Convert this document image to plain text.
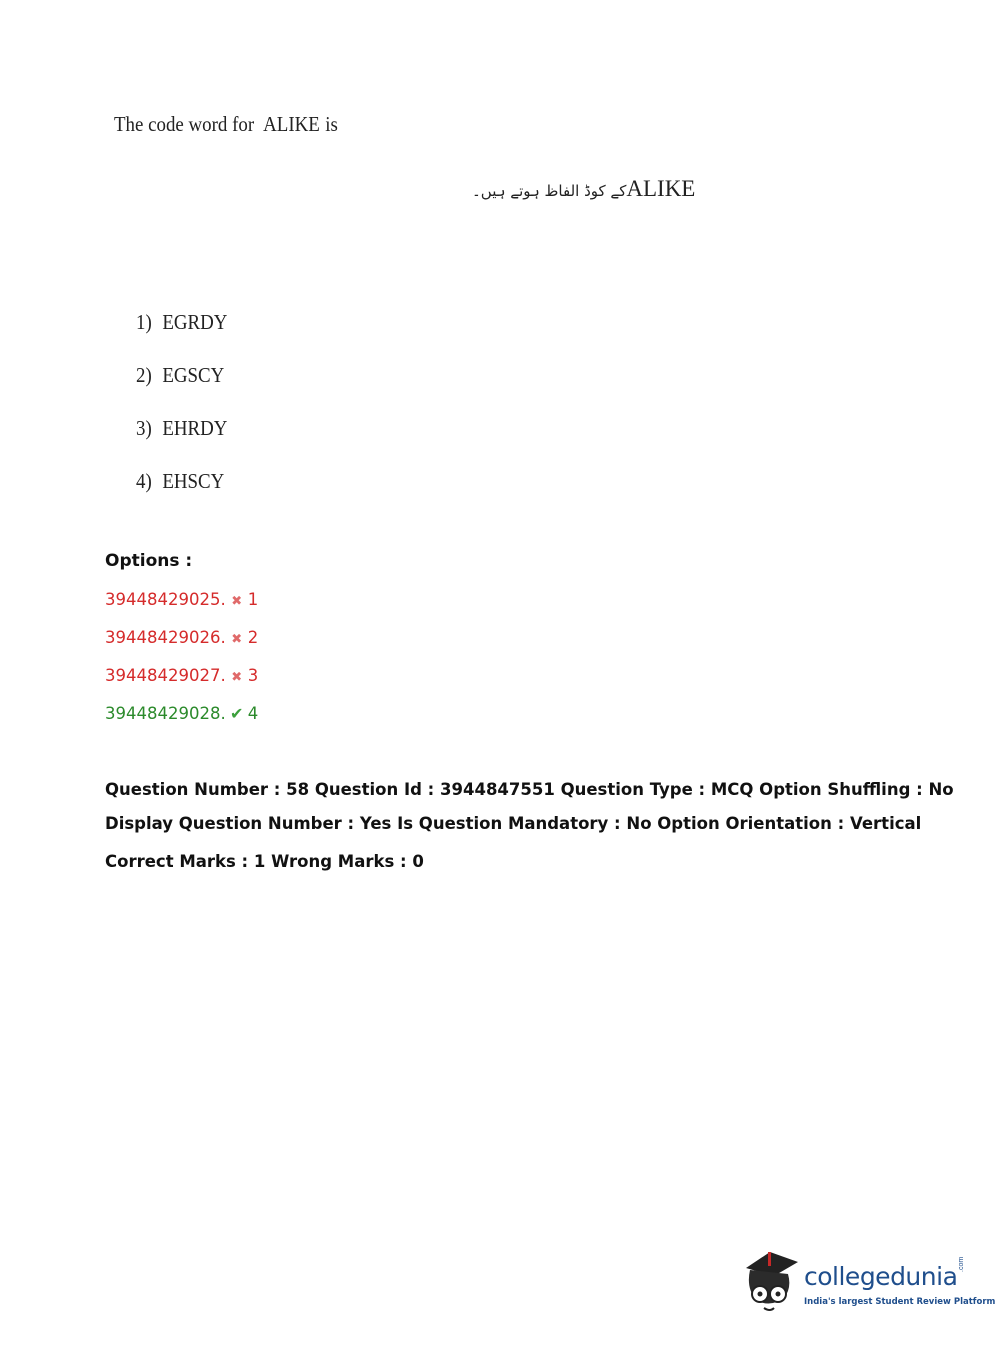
The code word for ALIKE is
کے کوڈ الفاظ ہوتے ہیں۔ALIKE
1) EGRDY
2) EGSCY
3) EHRDY
4) EHSCY
Options :
39448429025. ✖ 1
39448429026. ✖ 2
39448429027. ✖ 3
39448429028. ✔ 4
Question Number : 58 Question Id : 3944847551 Question Type : MCQ Option Shuffling : No
Display Question Number : Yes Is Question Mandatory : No Option Orientation : Vertical
Correct Marks : 1 Wrong Marks : 0
collegedunia .com
India's largest Student Review Platform
